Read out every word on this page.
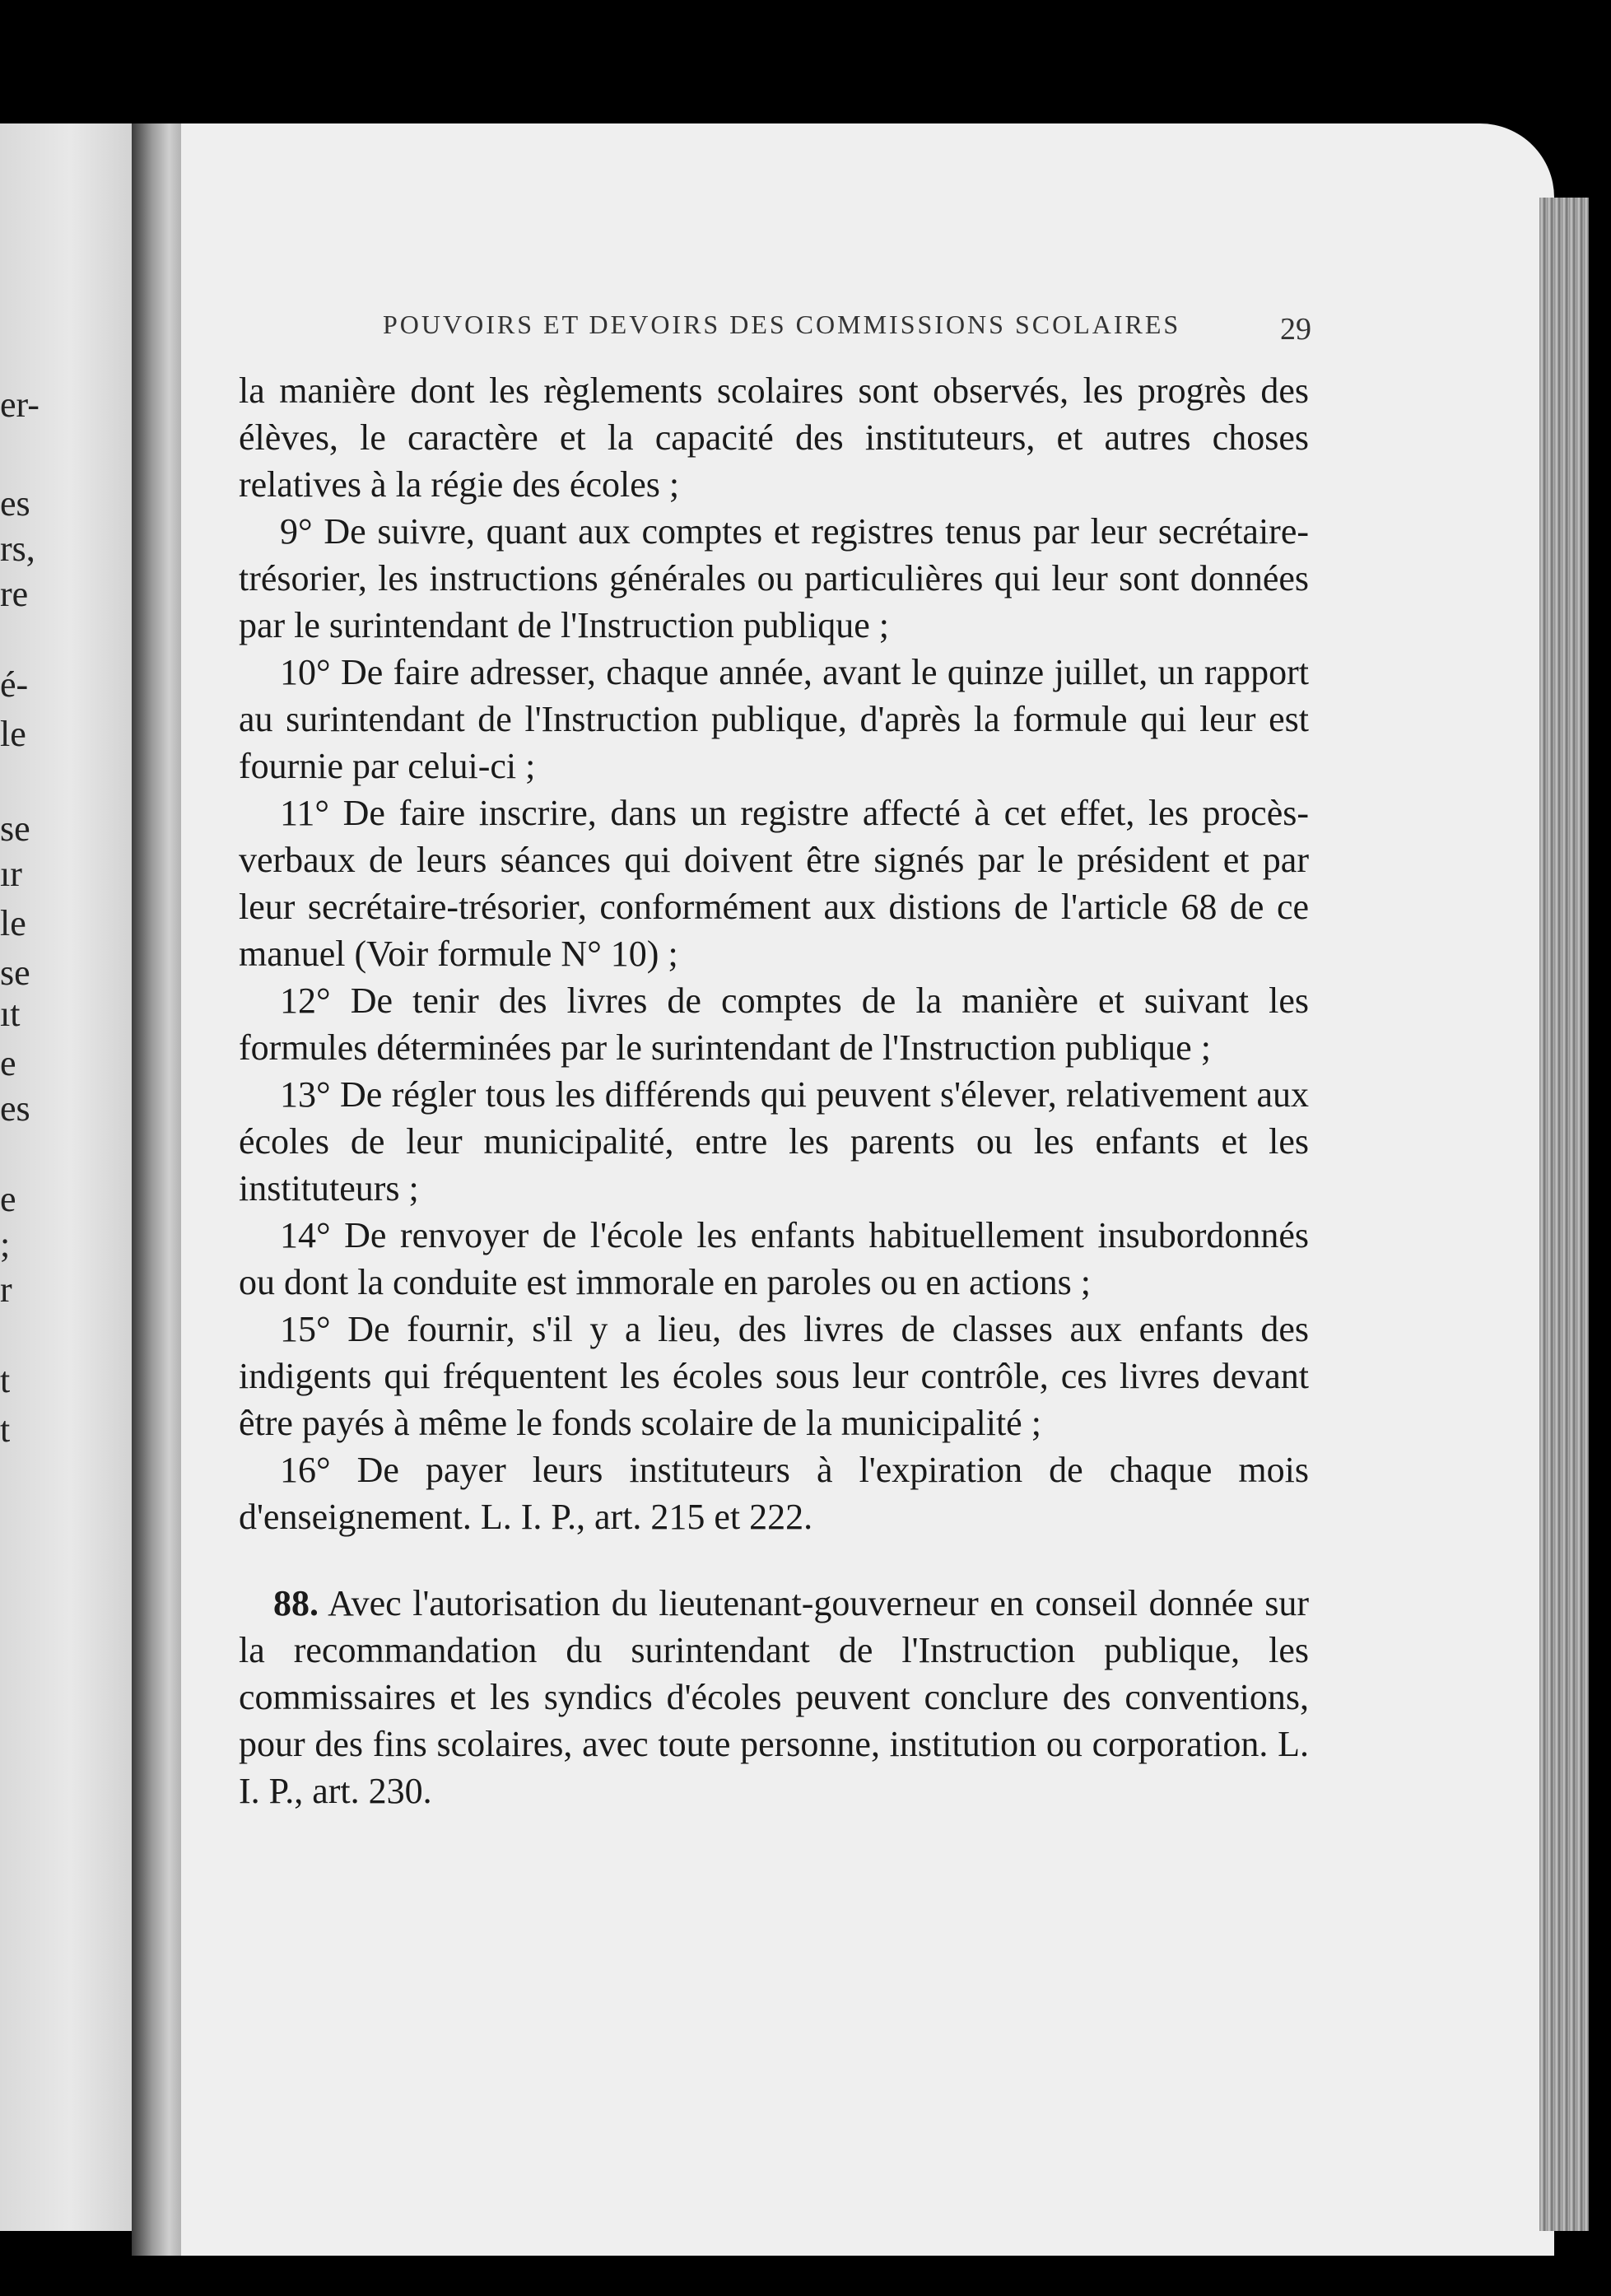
er-
es
rs,
re
é-
le
se
ır
le
se
ıt
e
es
e
;
r
t
t
POUVOIRS ET DEVOIRS DES COMMISSIONS SCOLAIRES	29

la manière dont les règlements scolaires sont observés, les progrès des élèves, le caractère et la capacité des instituteurs, et autres choses relatives à la régie des écoles ;

9° De suivre, quant aux comptes et registres tenus par leur secrétaire-trésorier, les instructions générales ou particulières qui leur sont données par le surintendant de l'Instruction publique ;

10° De faire adresser, chaque année, avant le quinze juillet, un rapport au surintendant de l'Instruction publique, d'après la formule qui leur est fournie par celui-ci ;

11° De faire inscrire, dans un registre affecté à cet effet, les procès-verbaux de leurs séances qui doivent être signés par le président et par leur secrétaire-trésorier, conformément aux distions de l'article 68 de ce manuel (Voir formule N° 10) ;

12° De tenir des livres de comptes de la manière et suivant les formules déterminées par le surintendant de l'Instruction publique ;

13° De régler tous les différends qui peuvent s'élever, relativement aux écoles de leur municipalité, entre les parents ou les enfants et les instituteurs ;

14° De renvoyer de l'école les enfants habituellement insubordonnés ou dont la conduite est immorale en paroles ou en actions ;

15° De fournir, s'il y a lieu, des livres de classes aux enfants des indigents qui fréquentent les écoles sous leur contrôle, ces livres devant être payés à même le fonds scolaire de la municipalité ;

16° De payer leurs instituteurs à l'expiration de chaque mois d'enseignement. L. I. P., art. 215 et 222.

88. Avec l'autorisation du lieutenant-gouverneur en conseil donnée sur la recommandation du surintendant de l'Instruction publique, les commissaires et les syndics d'écoles peuvent conclure des conventions, pour des fins scolaires, avec toute personne, institution ou corporation. L. I. P., art. 230.
